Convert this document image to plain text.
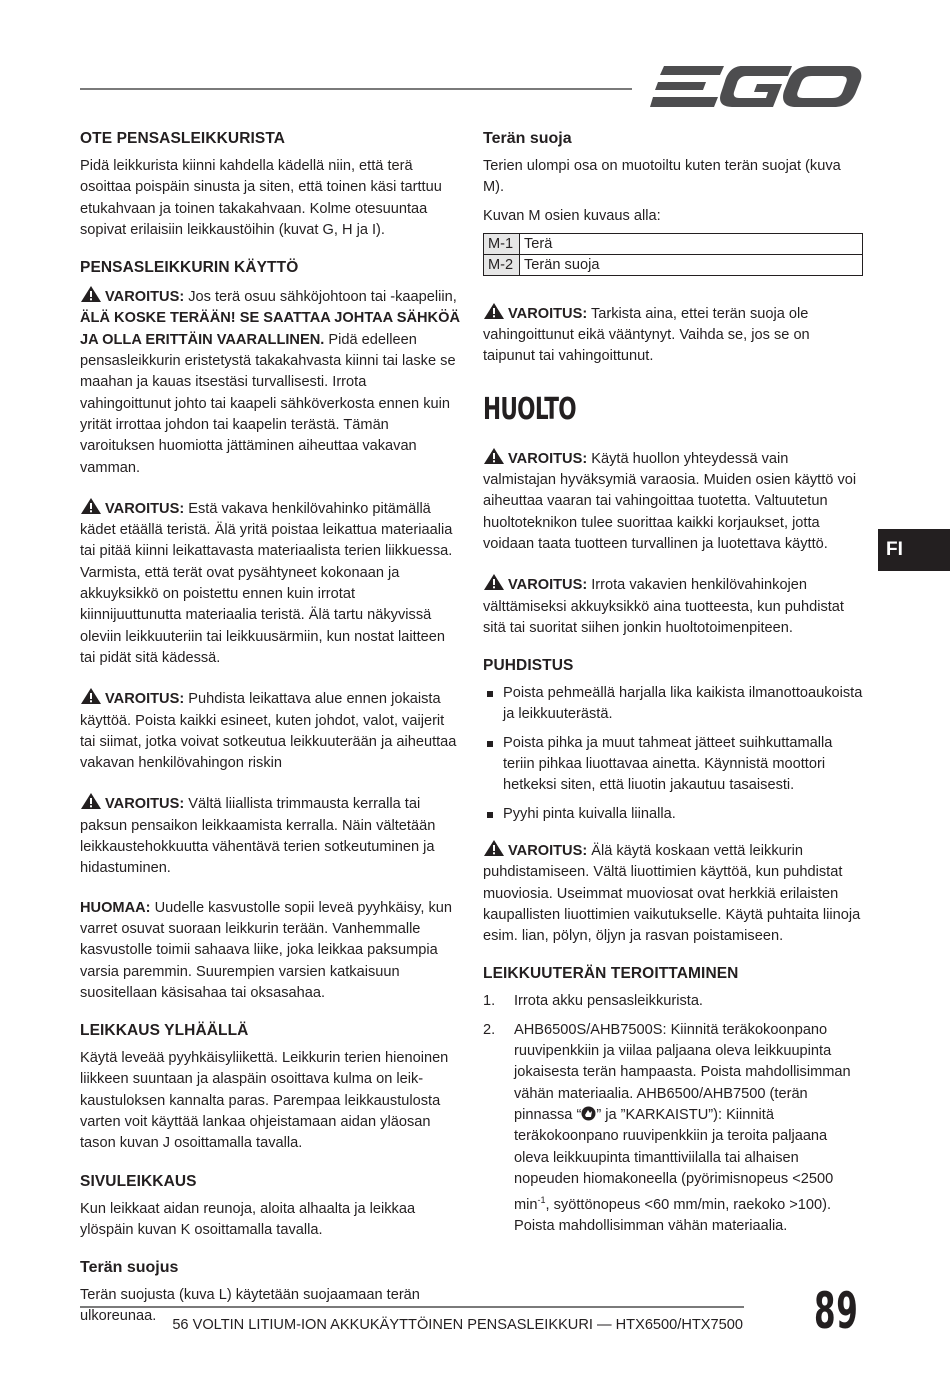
OTE PENSASLEIKKURISTA

Pidä leikkurista kiinni kahdella kädellä niin, että terä osoittaa poispäin sinusta ja siten, että toinen käsi tarttuu etukahvaan ja toinen takakahvaan. Kolme otesuuntaa sopivat erilaisiin leikkaustöihin (kuvat G, H ja I).

PENSASLEIKKURIN KÄYTTÖ

VAROITUS: Jos terä osuu sähköjohtoon tai -kaapeliin, ÄLÄ KOSKE TERÄÄN! SE SAATTAA JOHTAA SÄHKÖÄ JA OLLA ERITTÄIN VAARALLINEN. Pidä edelleen pensasleikkurin eristetystä takakahvasta kiinni tai laske se maahan ja kauas itsestäsi turvallisesti. Irrota vahingoittunut johto tai kaapeli sähköverkosta ennen kuin yrität irrottaa johdon tai kaapelin terästä. Tämän varoituksen huomiotta jättäminen aiheuttaa vakavan vamman.

VAROITUS: Estä vakava henkilövahinko pitämällä kädet etäällä teristä. Älä yritä poistaa leikattua materiaalia tai pitää kiinni leikattavasta materiaalista terien liikkuessa. Varmista, että terät ovat pysähtyneet kokonaan ja akkuyksikkö on poistettu ennen kuin irrotat kiinnijuuttunutta materiaalia teristä. Älä tartu näkyvissä oleviin leikkuuteriin tai leikkuusärmiin, kun nostat laitteen tai pidät sitä kädessä.

VAROITUS: Puhdista leikattava alue ennen jokaista käyttöä. Poista kaikki esineet, kuten johdot, valot, vaijerit tai siimat, jotka voivat sotkeutua leikkuuterään ja aiheuttaa vakavan henkilövahingon riskin

VAROITUS: Vältä liiallista trimmausta kerralla tai paksun pensaikon leikkaamista kerralla. Näin vältetään leikkaustehokkuutta vähentävä terien sotkeutuminen ja hidastuminen.

HUOMAA: Uudelle kasvustolle sopii leveä pyyhkäisy, kun varret osuvat suoraan leikkurin terään. Vanhemmalle kasvustolle toimii sahaava liike, joka leikkaa paksumpia varsia paremmin. Suurempien varsien katkaisuun suositellaan käsisahaa tai oksasahaa.

LEIKKAUS YLHÄÄLLÄ

Käytä leveää pyyhkäisyliikettä. Leikkurin terien hienoinen liikkeen suuntaan ja alaspäin osoittava kulma on leik-kaustuloksen kannalta paras. Parempaa leikkaustulosta varten voit käyttää lankaa ohjeistamaan aidan yläosan tason kuvan J osoittamalla tavalla.

SIVULEIKKAUS

Kun leikkaat aidan reunoja, aloita alhaalta ja leikkaa ylöspäin kuvan K osoittamalla tavalla.

Terän suojus

Terän suojusta (kuva L) käytetään suojaamaan terän ulkoreunaa.

Terän suoja

Terien ulompi osa on muotoiltu kuten terän suojat (kuva M).

Kuvan M osien kuvaus alla:

M-1	Terä
M-2	Terän suoja

VAROITUS: Tarkista aina, ettei terän suoja ole vahingoittunut eikä vääntynyt. Vaihda se, jos se on taipunut tai vahingoittunut.

HUOLTO

VAROITUS: Käytä huollon yhteydessä vain valmistajan hyväksymiä varaosia. Muiden osien käyttö voi aiheuttaa vaaran tai vahingoittaa tuotetta. Valtuutetun huoltoteknikon tulee suorittaa kaikki korjaukset, jotta voidaan taata tuotteen turvallinen ja luotettava käyttö.

VAROITUS: Irrota vakavien henkilövahinkojen välttämiseksi akkuyksikkö aina tuotteesta, kun puhdistat sitä tai suoritat siihen jonkin huoltotoimenpiteen.

PUHDISTUS
Poista pehmeällä harjalla lika kaikista ilmanottoaukoista ja leikkuuterästä.
Poista pihka ja muut tahmeat jätteet suihkuttamalla teriin pihkaa liuottavaa ainetta. Käynnistä moottori hetkeksi siten, että liuotin jakautuu tasaisesti.
Pyyhi pinta kuivalla liinalla.

VAROITUS: Älä käytä koskaan vettä leikkurin puhdistamiseen. Vältä liuottimien käyttöä, kun puhdistat muoviosia. Useimmat muoviosat ovat herkkiä erilaisten kaupallisten liuottimien vaikutukselle. Käytä puhtaita liinoja esim. lian, pölyn, öljyn ja rasvan poistamiseen.

LEIKKUUTERÄN TEROITTAMINEN
1. Irrota akku pensasleikkurista.
2. AHB6500S/AHB7500S: Kiinnitä teräkokoonpano ruuvipenkkiin ja viilaa paljaana oleva leikkuupinta jokaisesta terän hampaasta. Poista mahdollisimman vähän materiaalia. AHB6500/AHB7500 (terän pinnassa “ ” ja ”KARKAISTU”): Kiinnitä teräkokoonpano ruuvipenkkiin ja teroita paljaana oleva leikkuupinta timanttiviilalla tai alhaisen nopeuden hiomakoneella (pyörimisnopeus <2500 $\min^{-1}$, syöttönopeus <60 mm/min, raekoko >100). Poista mahdollisimman vähän materiaalia.
FI
56 VOLTIN LITIUM-ION AKKUKÄYTTÖINEN PENSASLEIKKURI — HTX6500/HTX7500 89
